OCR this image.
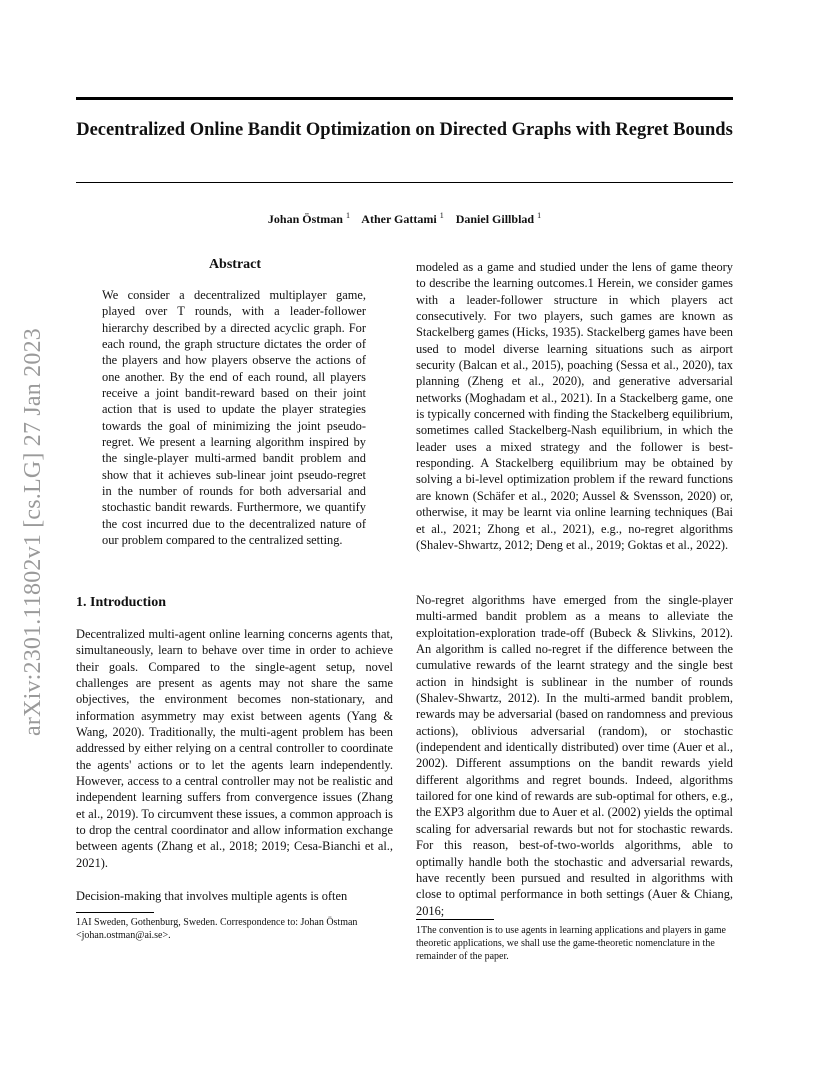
Decentralized Online Bandit Optimization on Directed Graphs with Regret Bounds
Johan Östman $^1$ Ather Gattami $^1$ Daniel Gillblad $^1$
arXiv:2301.11802v1 [cs.LG] 27 Jan 2023
Abstract
We consider a decentralized multiplayer game, played over T rounds, with a leader-follower hierarchy described by a directed acyclic graph. For each round, the graph structure dictates the order of the players and how players observe the actions of one another. By the end of each round, all players receive a joint bandit-reward based on their joint action that is used to update the player strategies towards the goal of minimizing the joint pseudo-regret. We present a learning algorithm inspired by the single-player multi-armed bandit problem and show that it achieves sub-linear joint pseudo-regret in the number of rounds for both adversarial and stochastic bandit rewards. Furthermore, we quantify the cost incurred due to the decentralized nature of our problem compared to the centralized setting.
1. Introduction
Decentralized multi-agent online learning concerns agents that, simultaneously, learn to behave over time in order to achieve their goals. Compared to the single-agent setup, novel challenges are present as agents may not share the same objectives, the environment becomes non-stationary, and information asymmetry may exist between agents (Yang & Wang, 2020). Traditionally, the multi-agent problem has been addressed by either relying on a central controller to coordinate the agents' actions or to let the agents learn independently. However, access to a central controller may not be realistic and independent learning suffers from convergence issues (Zhang et al., 2019). To circumvent these issues, a common approach is to drop the central coordinator and allow information exchange between agents (Zhang et al., 2018; 2019; Cesa-Bianchi et al., 2021).
Decision-making that involves multiple agents is often
modeled as a game and studied under the lens of game theory to describe the learning outcomes.1 Herein, we consider games with a leader-follower structure in which players act consecutively. For two players, such games are known as Stackelberg games (Hicks, 1935). Stackelberg games have been used to model diverse learning situations such as airport security (Balcan et al., 2015), poaching (Sessa et al., 2020), tax planning (Zheng et al., 2020), and generative adversarial networks (Moghadam et al., 2021). In a Stackelberg game, one is typically concerned with finding the Stackelberg equilibrium, sometimes called Stackelberg-Nash equilibrium, in which the leader uses a mixed strategy and the follower is best-responding. A Stackelberg equilibrium may be obtained by solving a bi-level optimization problem if the reward functions are known (Schäfer et al., 2020; Aussel & Svensson, 2020) or, otherwise, it may be learnt via online learning techniques (Bai et al., 2021; Zhong et al., 2021), e.g., no-regret algorithms (Shalev-Shwartz, 2012; Deng et al., 2019; Goktas et al., 2022).
No-regret algorithms have emerged from the single-player multi-armed bandit problem as a means to alleviate the exploitation-exploration trade-off (Bubeck & Slivkins, 2012). An algorithm is called no-regret if the difference between the cumulative rewards of the learnt strategy and the single best action in hindsight is sublinear in the number of rounds (Shalev-Shwartz, 2012). In the multi-armed bandit problem, rewards may be adversarial (based on randomness and previous actions), oblivious adversarial (random), or stochastic (independent and identically distributed) over time (Auer et al., 2002). Different assumptions on the bandit rewards yield different algorithms and regret bounds. Indeed, algorithms tailored for one kind of rewards are sub-optimal for others, e.g., the EXP3 algorithm due to Auer et al. (2002) yields the optimal scaling for adversarial rewards but not for stochastic rewards. For this reason, best-of-two-worlds algorithms, able to optimally handle both the stochastic and adversarial rewards, have recently been pursued and resulted in algorithms with close to optimal performance in both settings (Auer & Chiang, 2016;
1AI Sweden, Gothenburg, Sweden. Correspondence to: Johan Östman <johan.ostman@ai.se>.	1The convention is to use agents in learning applications and players in game theoretic applications, we shall use the game-theoretic nomenclature in the remainder of the paper.
